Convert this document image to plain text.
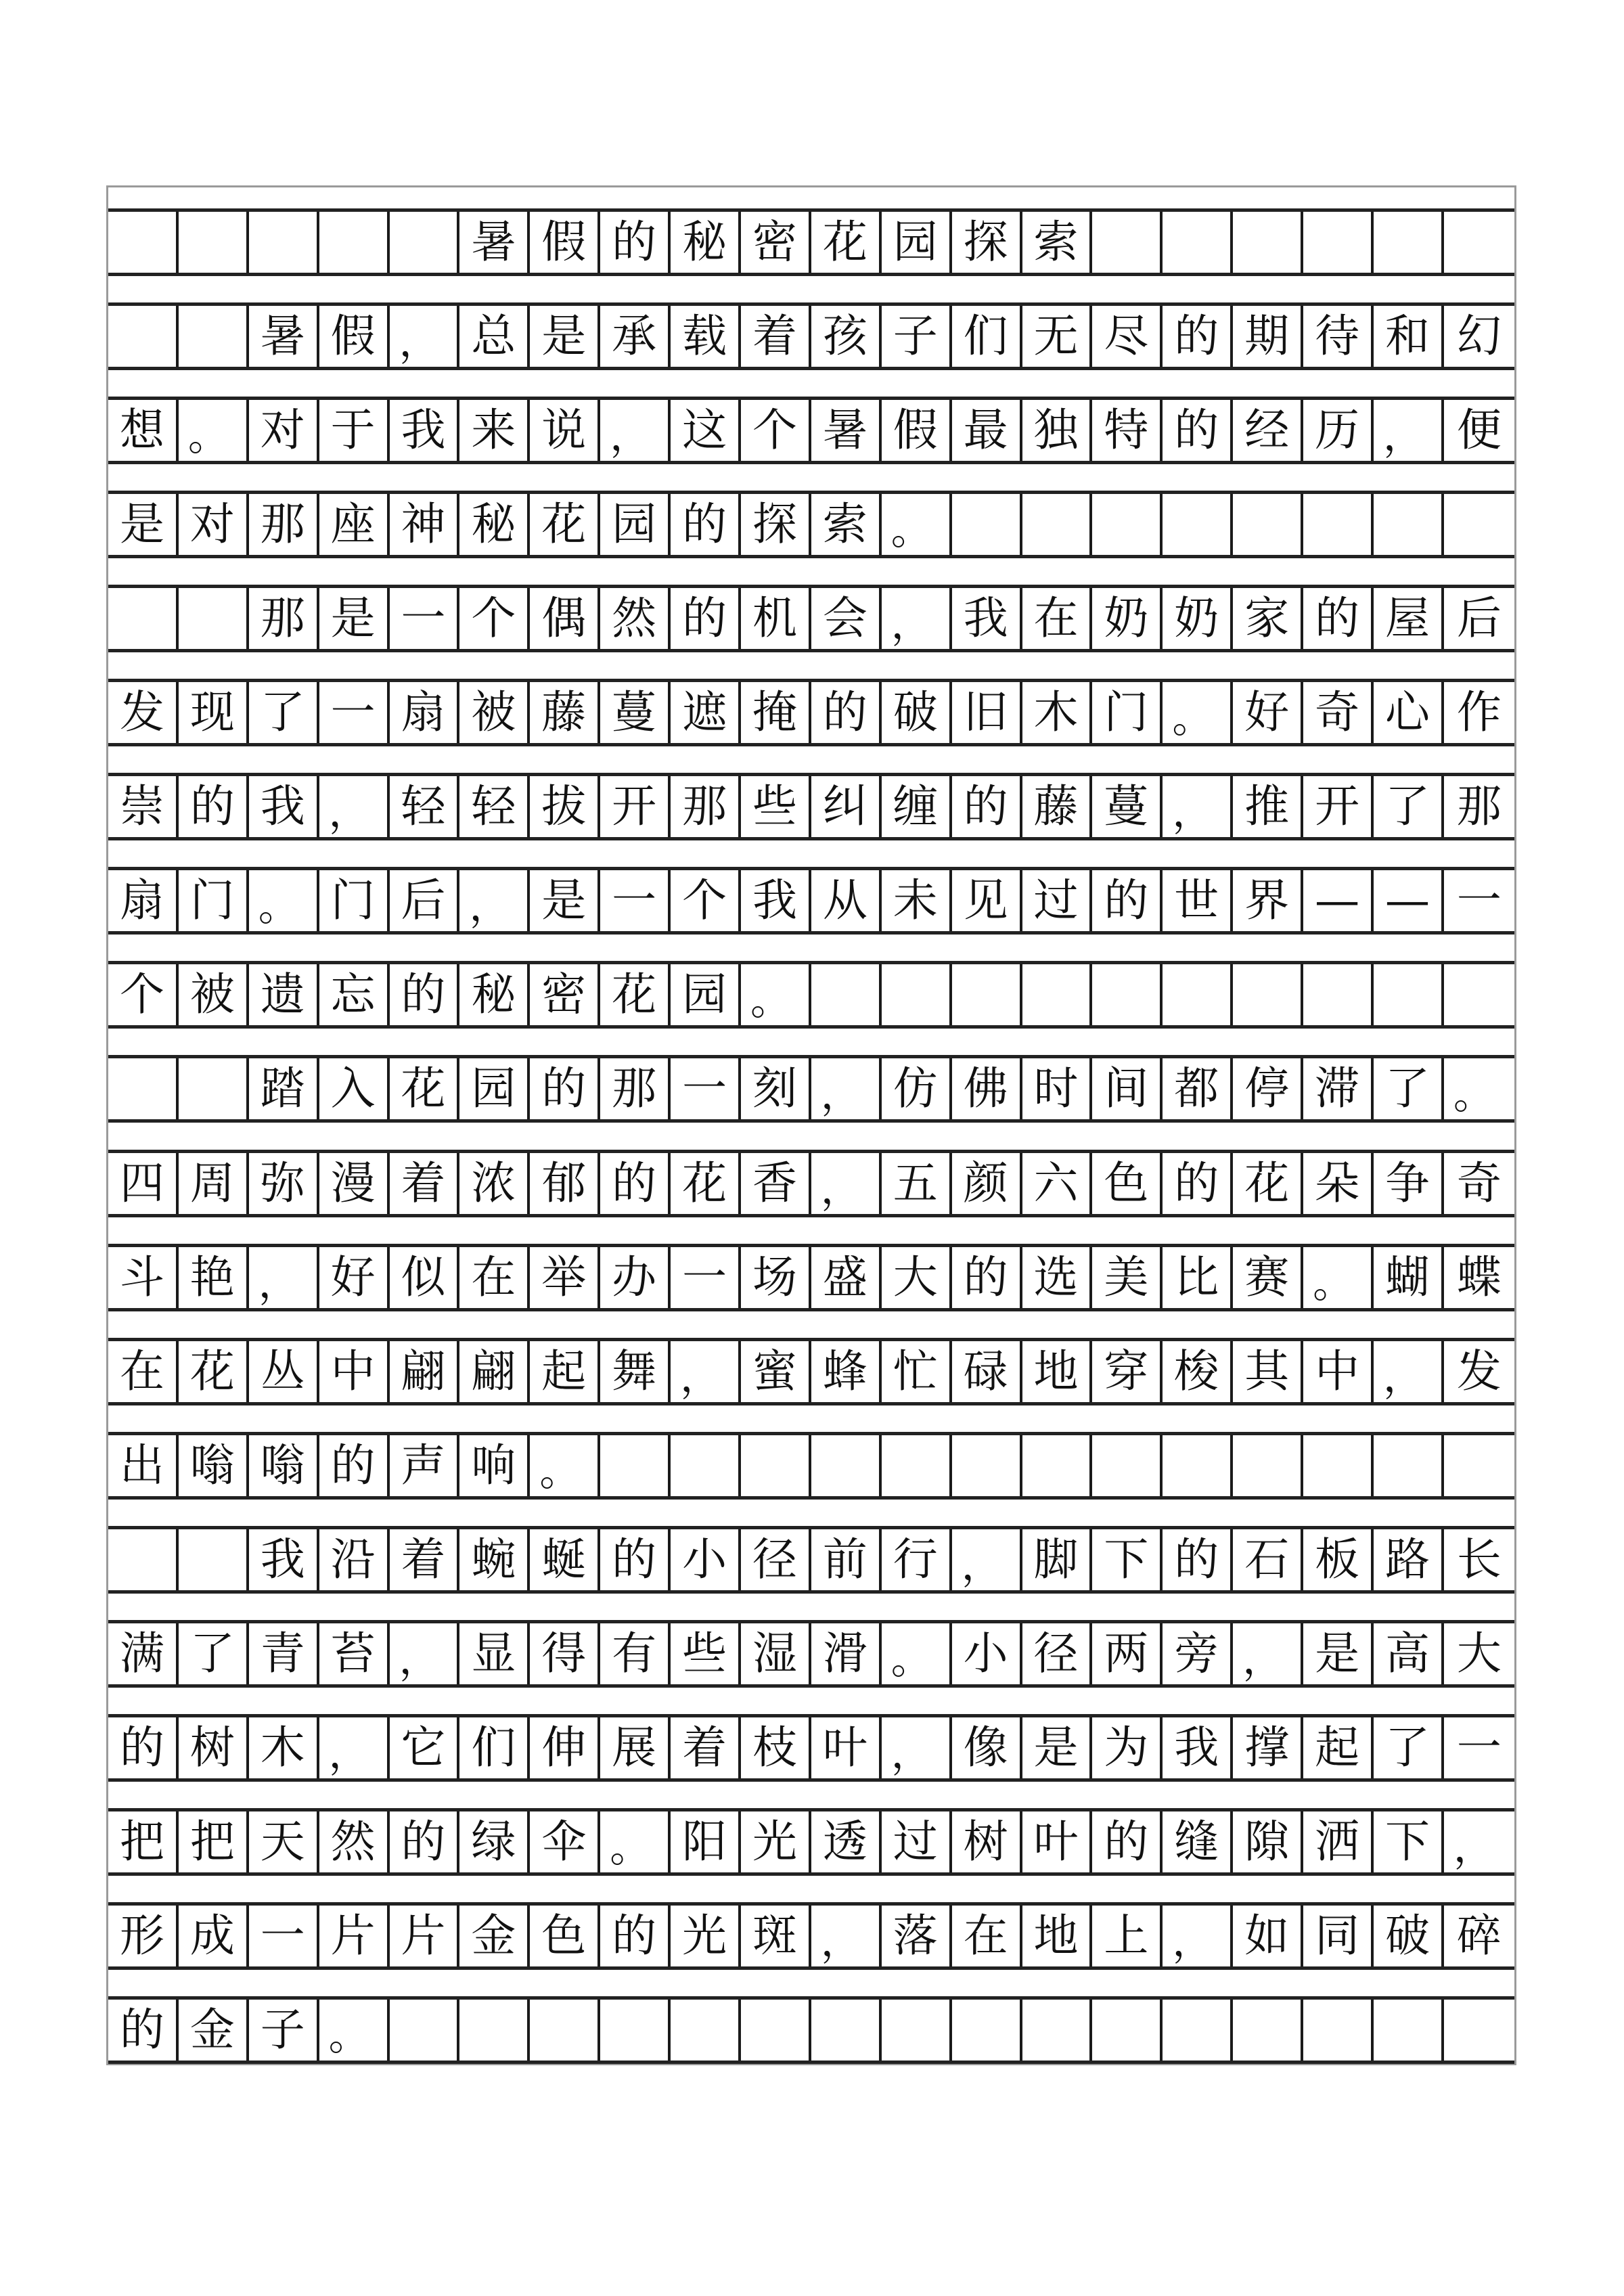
暑 假 的 秘 密 花 园 探 索
暑 假 ， 总 是 承 载 着 孩 子 们 无 尽 的 期 待 和 幻
想 。 对 于 我 来 说 ， 这 个 暑 假 最 独 特 的 经 历 ， 便
是 对 那 座 神 秘 花 园 的 探 索 。
那 是 一 个 偶 然 的 机 会 ， 我 在 奶 奶 家 的 屋 后
发 现 了 一 扇 被 藤 蔓 遮 掩 的 破 旧 木 门 。 好 奇 心 作
崇 的 我 ， 轻 轻 拔 开 那 些 纠 缠 的 藤 蔓 ， 推 开 了 那
扇 门 。 门 后 ， 是 一 个 我 从 未 见 过 的 世 界 — — 一
个 被 遗 忘 的 秘 密 花 园 。
踏 入 花 园 的 那 一 刻 ， 仿 佛 时 间 都 停 滞 了 。
四 周 弥 漫 着 浓 郁 的 花 香 ， 五 颜 六 色 的 花 朵 争 奇
斗 艳 ， 好 似 在 举 办 一 场 盛 大 的 选 美 比 赛 。 蝴 蝶
在 花 丛 中 翩 翩 起 舞 ， 蜜 蜂 忙 碌 地 穿 梭 其 中 ， 发
出 嗡 嗡 的 声 响 。
我 沿 着 蜿 蜒 的 小 径 前 行 ， 脚 下 的 石 板 路 长
满 了 青 苔 ， 显 得 有 些 湿 滑 。 小 径 两 旁 ， 是 高 大
的 树 木 ， 它 们 伸 展 着 枝 叶 ， 像 是 为 我 撑 起 了 一
把 把 天 然 的 绿 伞 。 阳 光 透 过 树 叶 的 缝 隙 洒 下 ，
形 成 一 片 片 金 色 的 光 斑 ， 落 在 地 上 ， 如 同 破 碎
的 金 子 。
